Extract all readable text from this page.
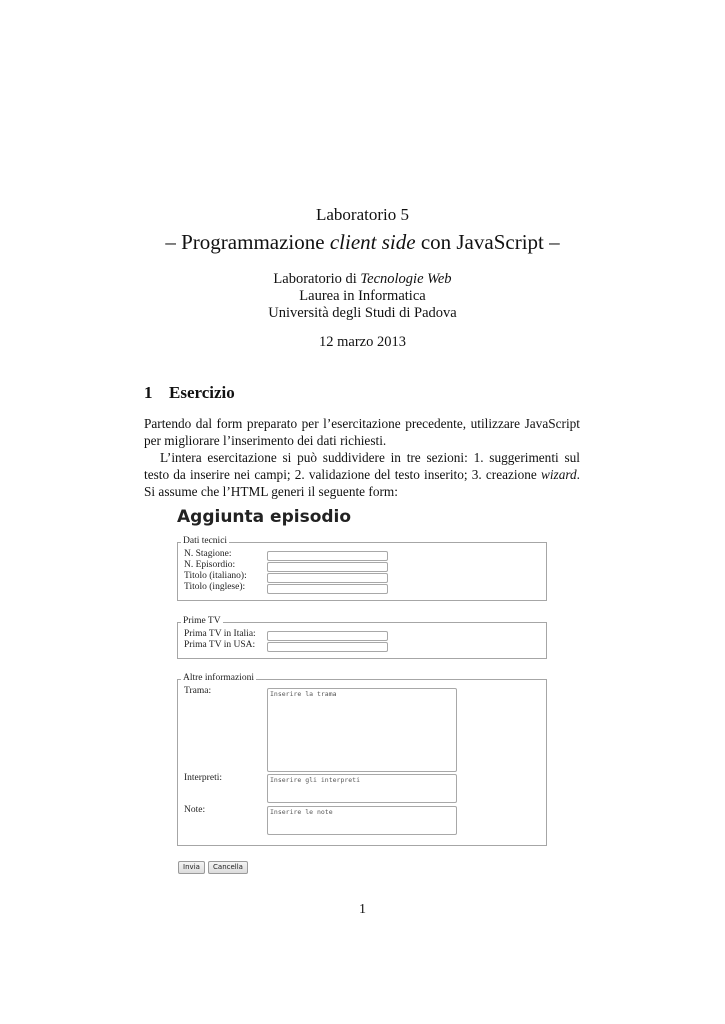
Laboratorio 5
– Programmazione client side con JavaScript –
Laboratorio di Tecnologie Web
Laurea in Informatica
Università degli Studi di Padova
12 marzo 2013
1 Esercizio
Partendo dal form preparato per l’esercitazione precedente, utilizzare JavaScript per migliorare l’inserimento dei dati richiesti.
L’intera esercitazione si può suddividere in tre sezioni: 1. suggerimenti sul testo da inserire nei campi; 2. validazione del testo inserito; 3. creazione wizard. Si assume che l’HTML generi il seguente form:
Aggiunta episodio
Dati tecnici
N. Stagione:
N. Episordio:
Titolo (italiano):
Titolo (inglese):
Prime TV
Prima TV in Italia:
Prima TV in USA:
Altre informazioni
Trama:	Inserire la trama
Interpreti:	Inserire gli interpreti
Note:	Inserire le note
Invia	Cancella
1
